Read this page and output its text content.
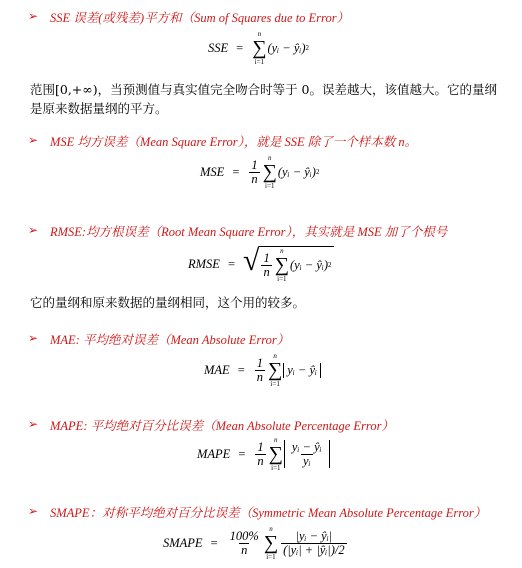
➢ SSE 误差(或残差)平方和（Sum of Squares due to Error）
SSE =
n
∑
i=1
(yᵢ − ŷᵢ) 2
范围[0,+∞)，当预测值与真实值完全吻合时等于 0。误差越大，该值越大。它的量纲是原来数据量纲的平方。
➢ MSE 均方误差（Mean Square Error），就是 SSE 除了一个样本数 n。
MSE = $\frac{1}{n}$
n
∑
i=1
(yᵢ − ŷᵢ) 2
➢ RMSE:均方根误差（Root Mean Square Error），其实就是 MSE 加了个根号
RMSE = √ $\frac{1}{n}$
n
∑
i=1
(yᵢ − ŷᵢ) 2
它的量纲和原来数据的量纲相同，这个用的较多。
➢ MAE: 平均绝对误差（Mean Absolute Error）
MAE = $\frac{1}{n}$
n
∑
i=1
yᵢ − ŷᵢ
➢ MAPE: 平均绝对百分比误差（Mean Absolute Percentage Error）
MAPE = $\frac{1}{n}$
n
∑
$i=1 \frac{\text{yᵢ − ŷᵢ}}{\text{yᵢ}}$
➢ SMAPE：对称平均绝对百分比误差（Symmetric Mean Absolute Percentage Error）
SMAPE = $\frac{100\%}{n}$
n
∑
i=1
$\frac{\text{|yᵢ − ŷᵢ|}}{\text{(|yᵢ| + |ŷᵢ|)/2}}$
